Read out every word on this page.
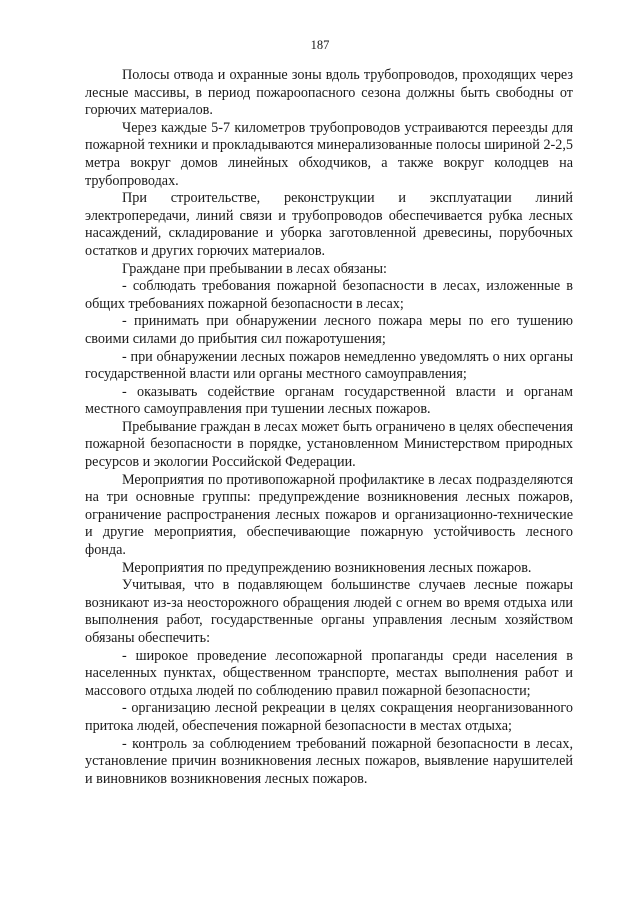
187

Полосы отвода и охранные зоны вдоль трубопроводов, проходящих через лесные массивы, в период пожароопасного сезона должны быть свободны от горючих материалов.

Через каждые 5-7 километров трубопроводов устраиваются переезды для пожарной техники и прокладываются минерализованные полосы шириной 2-2,5 метра вокруг домов линейных обходчиков, а также вокруг колодцев на трубопроводах.

При строительстве, реконструкции и эксплуатации линий электропередачи, линий связи и трубопроводов обеспечивается рубка лесных насаждений, складирование и уборка заготовленной древесины, порубочных остатков и других горючих материалов.

Граждане при пребывании в лесах обязаны:

- соблюдать требования пожарной безопасности в лесах, изложенные в общих требованиях пожарной безопасности в лесах;

- принимать при обнаружении лесного пожара меры по его тушению своими силами до прибытия сил пожаротушения;

- при обнаружении лесных пожаров немедленно уведомлять о них органы государственной власти или органы местного самоуправления;

- оказывать содействие органам государственной власти и органам местного самоуправления при тушении лесных пожаров.

Пребывание граждан в лесах может быть ограничено в целях обеспечения пожарной безопасности в порядке, установленном Министерством природных ресурсов и экологии Российской Федерации.

Мероприятия по противопожарной профилактике в лесах подразделяются на три основные группы: предупреждение возникновения лесных пожаров, ограничение распространения лесных пожаров и организационно-технические и другие мероприятия, обеспечивающие пожарную устойчивость лесного фонда.

Мероприятия по предупреждению возникновения лесных пожаров.

Учитывая, что в подавляющем большинстве случаев лесные пожары возникают из-за неосторожного обращения людей с огнем во время отдыха или выполнения работ, государственные органы управления лесным хозяйством обязаны обеспечить:

- широкое проведение лесопожарной пропаганды среди населения в населенных пунктах, общественном транспорте, местах выполнения работ и массового отдыха людей по соблюдению правил пожарной безопасности;

- организацию лесной рекреации в целях сокращения неорганизованного притока людей, обеспечения пожарной безопасности в местах отдыха;

- контроль за соблюдением требований пожарной безопасности в лесах, установление причин возникновения лесных пожаров, выявление нарушителей и виновников возникновения лесных пожаров.
